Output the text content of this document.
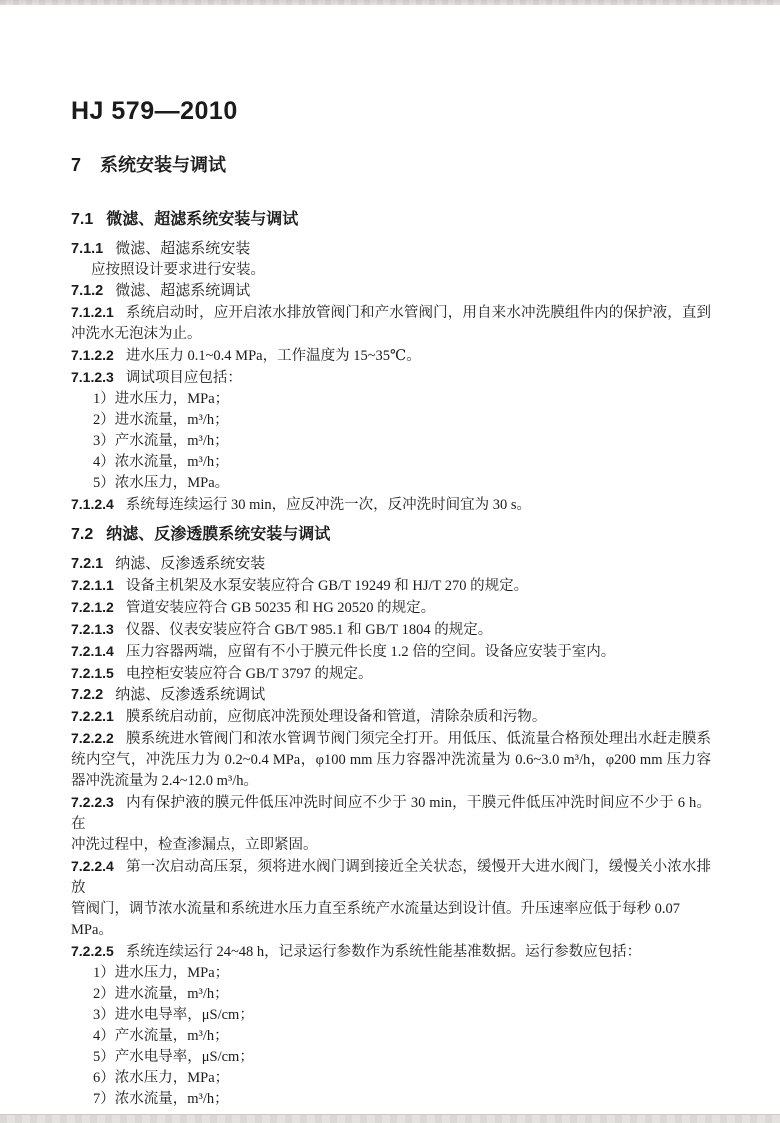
HJ 579—2010
7 系统安装与调试
7.1 微滤、超滤系统安装与调试
7.1.1 微滤、超滤系统安装
应按照设计要求进行安装。
7.1.2 微滤、超滤系统调试
7.1.2.1 系统启动时，应开启浓水排放管阀门和产水管阀门，用自来水冲洗膜组件内的保护液，直到
冲洗水无泡沫为止。
7.1.2.2 进水压力 0.1~0.4 MPa，工作温度为 15~35℃。
7.1.2.3 调试项目应包括：
1）进水压力，MPa；
2）进水流量，m³/h；
3）产水流量，m³/h；
4）浓水流量，m³/h；
5）浓水压力，MPa。
7.1.2.4 系统每连续运行 30 min，应反冲洗一次，反冲洗时间宜为 30 s。
7.2 纳滤、反渗透膜系统安装与调试
7.2.1 纳滤、反渗透系统安装
7.2.1.1 设备主机架及水泵安装应符合 GB/T 19249 和 HJ/T 270 的规定。
7.2.1.2 管道安装应符合 GB 50235 和 HG 20520 的规定。
7.2.1.3 仪器、仪表安装应符合 GB/T 985.1 和 GB/T 1804 的规定。
7.2.1.4 压力容器两端，应留有不小于膜元件长度 1.2 倍的空间。设备应安装于室内。
7.2.1.5 电控柜安装应符合 GB/T 3797 的规定。
7.2.2 纳滤、反渗透系统调试
7.2.2.1 膜系统启动前，应彻底冲洗预处理设备和管道，清除杂质和污物。
7.2.2.2 膜系统进水管阀门和浓水管调节阀门须完全打开。用低压、低流量合格预处理出水赶走膜系
统内空气，冲洗压力为 0.2~0.4 MPa，φ100 mm 压力容器冲洗流量为 0.6~3.0 m³/h，φ200 mm 压力容
器冲洗流量为 2.4~12.0 m³/h。
7.2.2.3 内有保护液的膜元件低压冲洗时间应不少于 30 min，干膜元件低压冲洗时间应不少于 6 h。在
冲洗过程中，检查渗漏点，立即紧固。
7.2.2.4 第一次启动高压泵，须将进水阀门调到接近全关状态，缓慢开大进水阀门，缓慢关小浓水排放
管阀门，调节浓水流量和系统进水压力直至系统产水流量达到设计值。升压速率应低于每秒 0.07 MPa。
7.2.2.5 系统连续运行 24~48 h，记录运行参数作为系统性能基准数据。运行参数应包括：
1）进水压力，MPa；
2）进水流量，m³/h；
3）进水电导率，μS/cm；
4）产水流量，m³/h；
5）产水电导率，μS/cm；
6）浓水压力，MPa；
7）浓水流量，m³/h；
